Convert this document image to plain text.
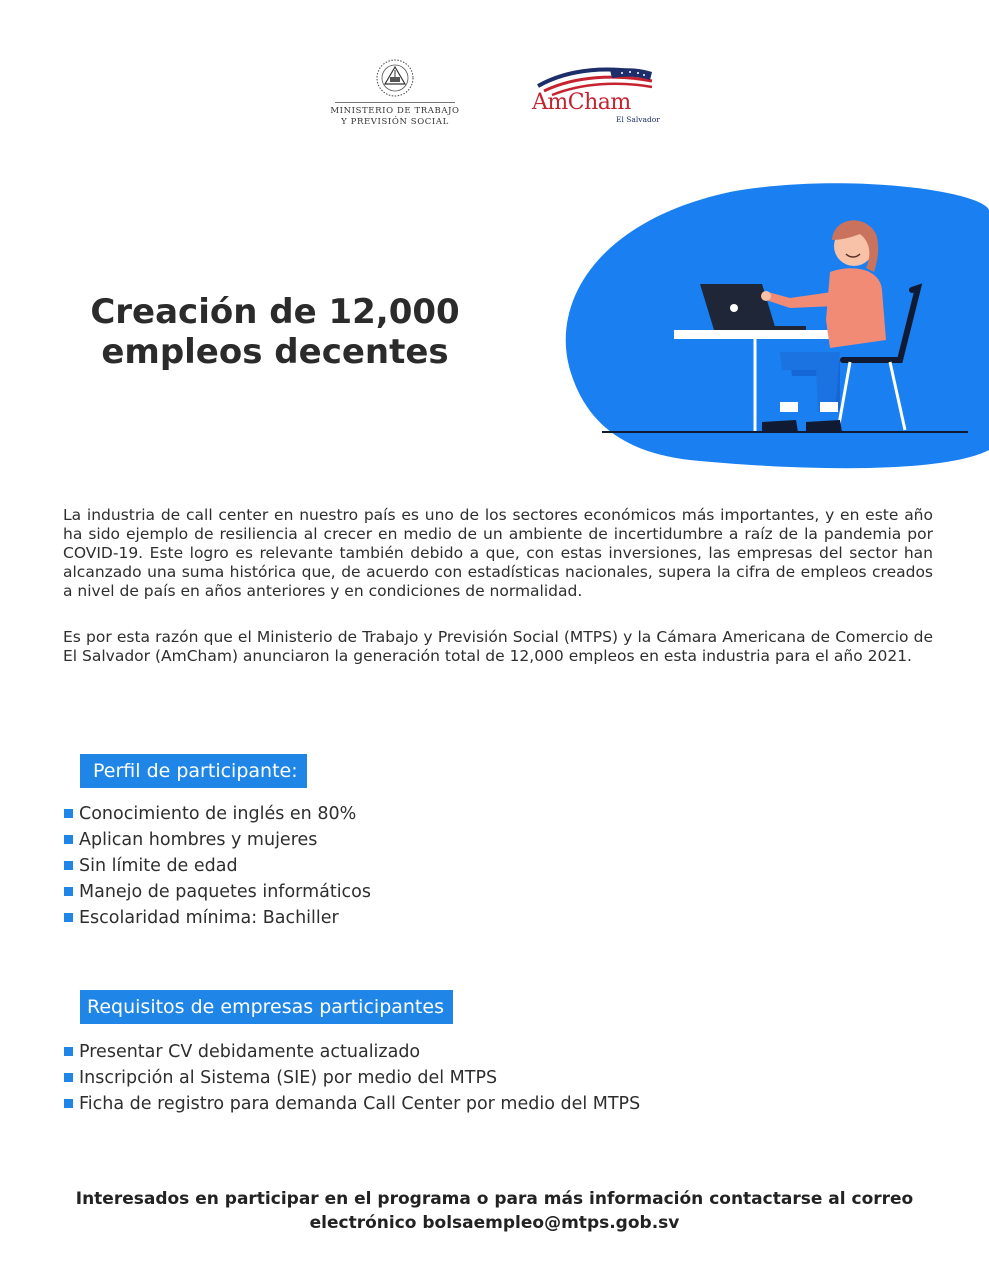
MINISTERIO DE TRABAJO
Y PREVISIÓN SOCIAL
AmCham
El Salvador
Creación de 12,000
empleos decentes

La industria de call center en nuestro país es uno de los sectores económicos más importantes, y en este año ha sido ejemplo de resiliencia al crecer en medio de un ambiente de incertidumbre a raíz de la pandemia por COVID-19. Este logro es relevante también debido a que, con estas inversiones, las empresas del sector han alcanzado una suma histórica que, de acuerdo con estadísticas nacionales, supera la cifra de empleos creados a nivel de país en años anteriores y en condiciones de normalidad.

Es por esta razón que el Ministerio de Trabajo y Previsión Social (MTPS) y la Cámara Americana de Comercio de El Salvador (AmCham) anunciaron la generación total de 12,000 empleos en esta industria para el año 2021.

Perfil de participante:
Conocimiento de inglés en 80%
Aplican hombres y mujeres
Sin límite de edad
Manejo de paquetes informáticos
Escolaridad mínima: Bachiller
Requisitos de empresas participantes
Presentar CV debidamente actualizado
Inscripción al Sistema (SIE) por medio del MTPS
Ficha de registro para demanda Call Center por medio del MTPS
Interesados en participar en el programa o para más información contactarse al correo
electrónico bolsaempleo@mtps.gob.sv
